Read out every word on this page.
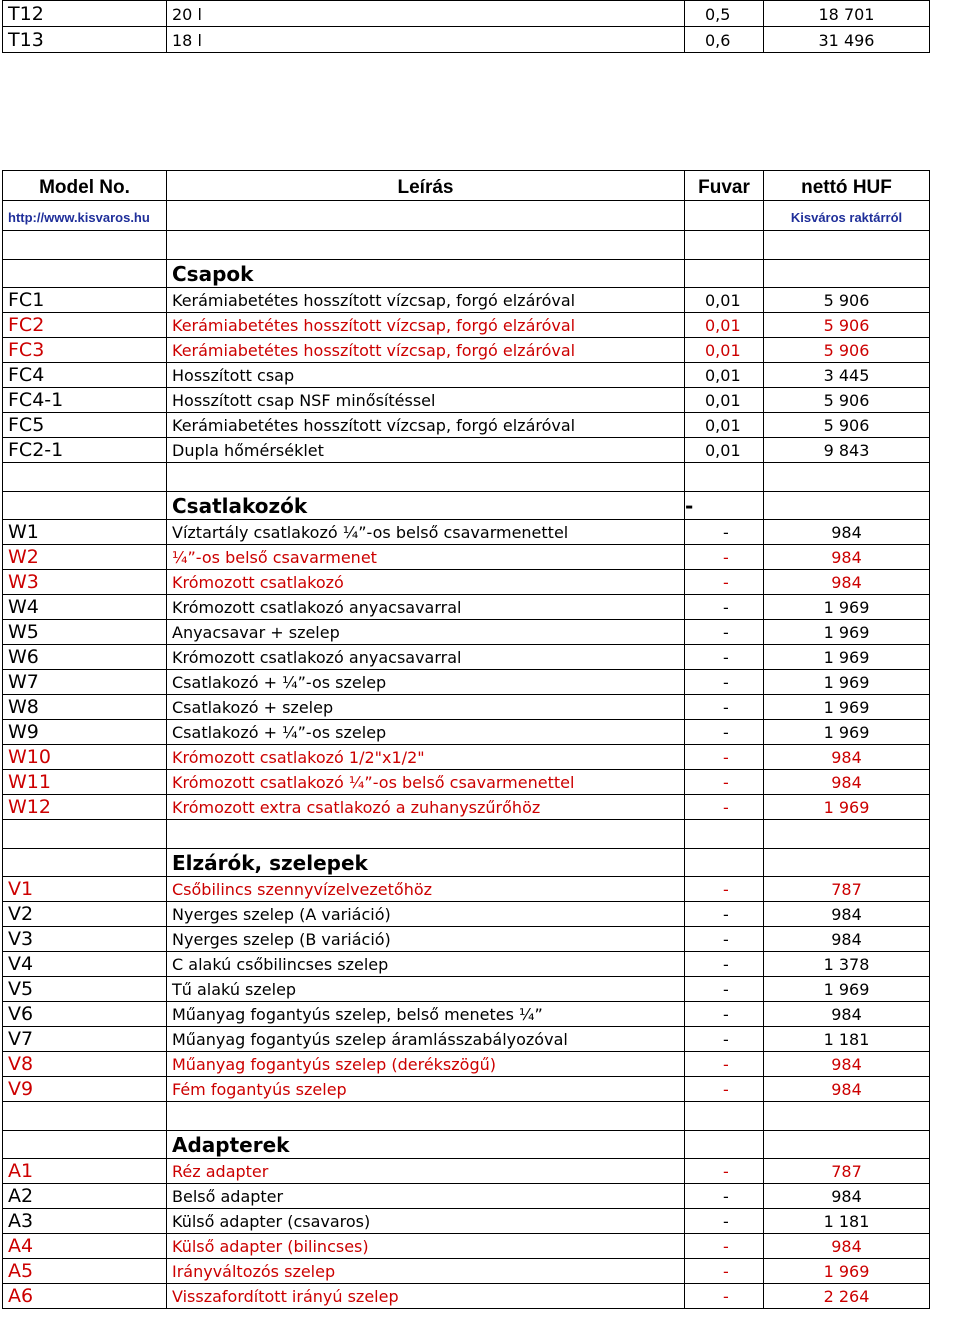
T12	20 l	0,5	18 701
T13	18 l	0,6	31 496
Model No.	Leírás	Fuvar	nettó HUF
http://www.kisvaros.hu			Kisváros raktárról

	Csapok		
FC1	Kerámiabetétes hosszított vízcsap, forgó elzáróval	0,01	5 906
FC2	Kerámiabetétes hosszított vízcsap, forgó elzáróval	0,01	5 906
FC3	Kerámiabetétes hosszított vízcsap, forgó elzáróval	0,01	5 906
FC4	Hosszított csap	0,01	3 445
FC4-1	Hosszított csap NSF minősítéssel	0,01	5 906
FC5	Kerámiabetétes hosszított vízcsap, forgó elzáróval	0,01	5 906
FC2-1	Dupla hőmérséklet	0,01	9 843

	Csatlakozók	-	
W1	Víztartály csatlakozó ¼”-os belső csavarmenettel	-	984
W2	¼”-os belső csavarmenet	-	984
W3	Krómozott csatlakozó	-	984
W4	Krómozott csatlakozó anyacsavarral	-	1 969
W5	Anyacsavar + szelep	-	1 969
W6	Krómozott csatlakozó anyacsavarral	-	1 969
W7	Csatlakozó + ¼”-os szelep	-	1 969
W8	Csatlakozó + szelep	-	1 969
W9	Csatlakozó + ¼”-os szelep	-	1 969
W10	Krómozott csatlakozó 1/2"x1/2"	-	984
W11	Krómozott csatlakozó ¼”-os belső csavarmenettel	-	984
W12	Krómozott extra csatlakozó a zuhanyszűrőhöz	-	1 969

	Elzárók, szelepek		
V1	Csőbilincs szennyvízelvezetőhöz	-	787
V2	Nyerges szelep (A variáció)	-	984
V3	Nyerges szelep (B variáció)	-	984
V4	C alakú csőbilincses szelep	-	1 378
V5	Tű alakú szelep	-	1 969
V6	Műanyag fogantyús szelep, belső menetes ¼”	-	984
V7	Műanyag fogantyús szelep áramlásszabályozóval	-	1 181
V8	Műanyag fogantyús szelep (derékszögű)	-	984
V9	Fém fogantyús szelep	-	984

	Adapterek		
A1	Réz adapter	-	787
A2	Belső adapter	-	984
A3	Külső adapter (csavaros)	-	1 181
A4	Külső adapter (bilincses)	-	984
A5	Irányváltozós szelep	-	1 969
A6	Visszafordított irányú szelep	-	2 264
